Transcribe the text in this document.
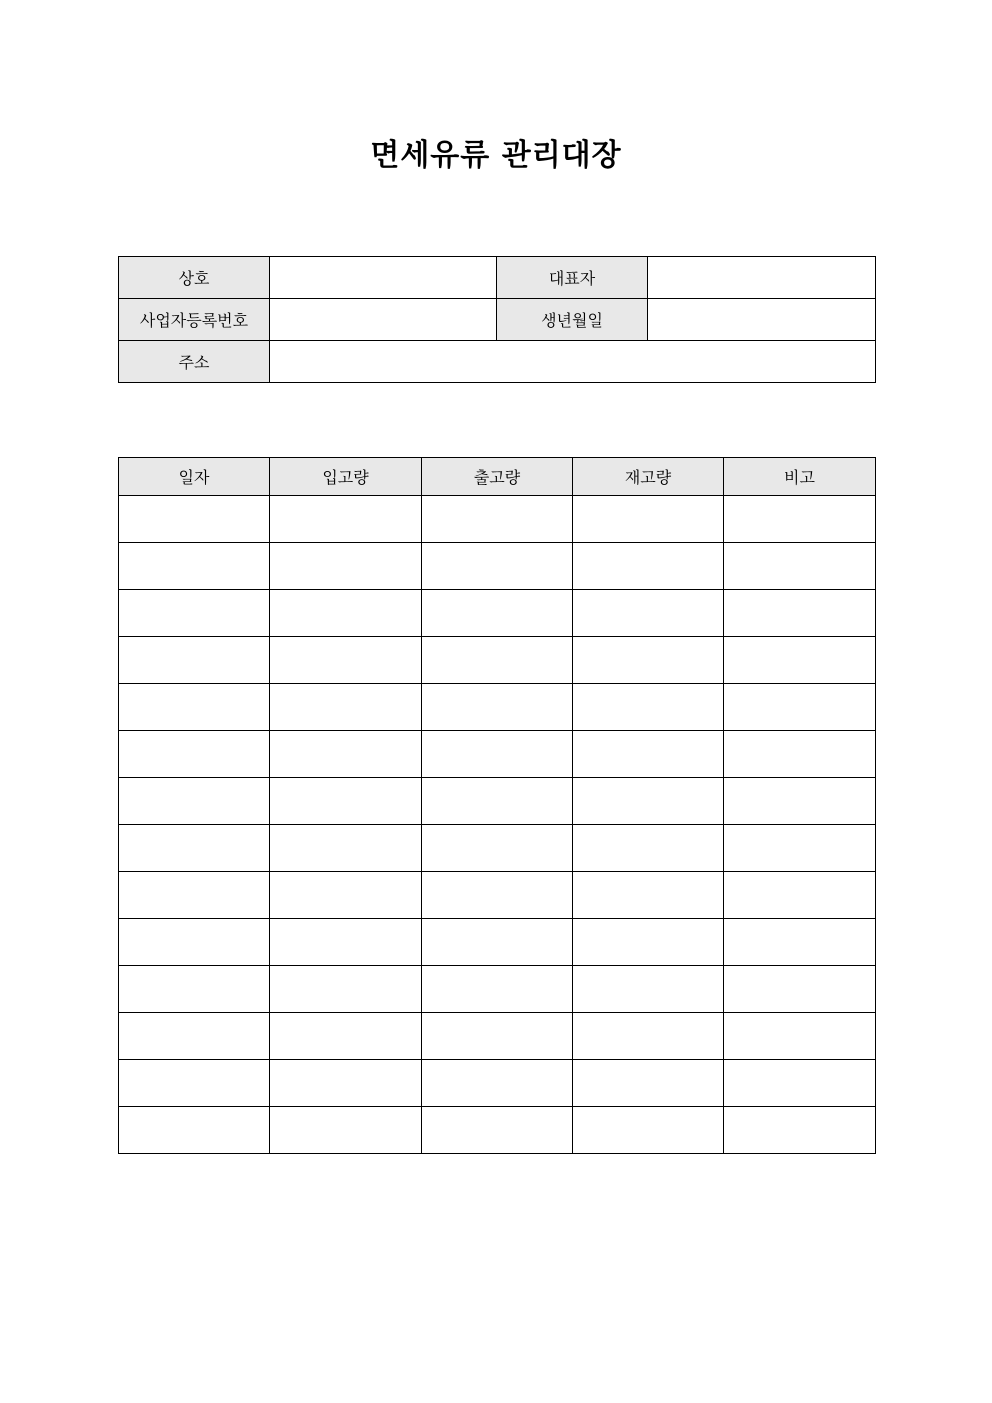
면세유류 관리대장
상호		대표자	
사업자등록번호		생년월일	
주소			
일자	입고량	출고량	재고량	비고
